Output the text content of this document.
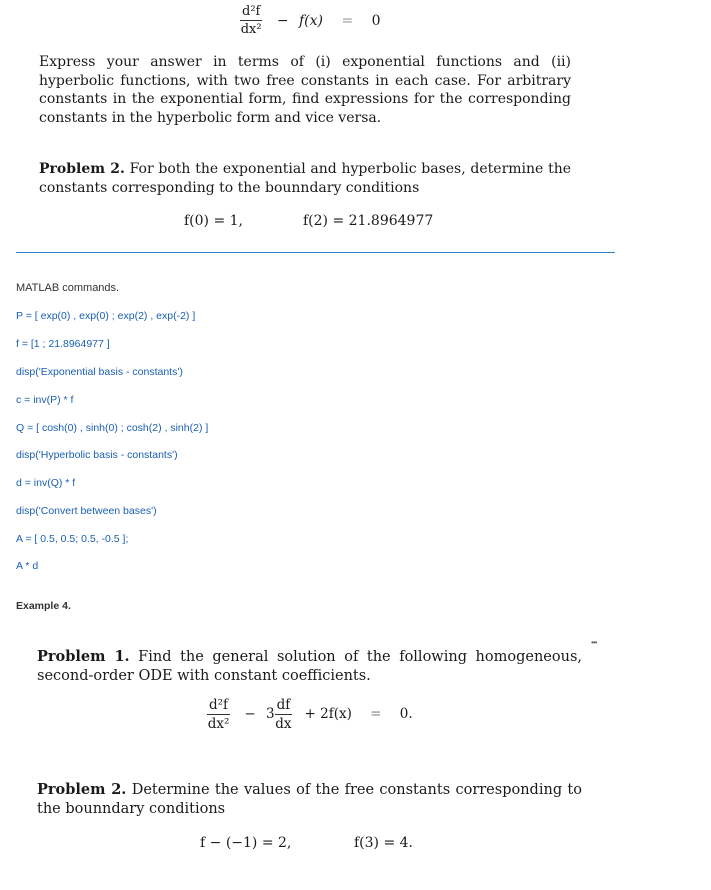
$\frac{\text{d²f}}{\text{dx²}} - f(x) = 0$
Express your answer in terms of (i) exponential functions and (ii) hyperbolic functions, with two free constants in each case. For arbitrary constants in the exponential form, find expressions for the corresponding constants in the hyperbolic form and vice versa.
Problem 2. For both the exponential and hyperbolic bases, determine the constants corresponding to the bounndary conditions
f(0) = 1,	f(2) = 21.8964977
MATLAB commands.
P = [ exp(0) , exp(0) ; exp(2) , exp(-2) ]
f = [1 ; 21.8964977 ]
disp('Exponential basis - constants')
c = inv(P) * f
Q = [ cosh(0) , sinh(0) ; cosh(2) , sinh(2) ]
disp('Hyperbolic basis - constants')
d = inv(Q) * f
disp('Convert between bases')
A = [ 0.5, 0.5; 0.5, -0.5 ];
A * d
Example 4.
•••
Problem 1. Find the general solution of the following homogeneous, second-order ODE with constant coefficients.
$\frac{\text{d²f}}{\text{dx²}} - 3 \frac{df}{dx} + 2f(x) = 0$.
Problem 2. Determine the values of the free constants corresponding to the bounndary conditions
f − (−1) = 2,	f(3) = 4.
